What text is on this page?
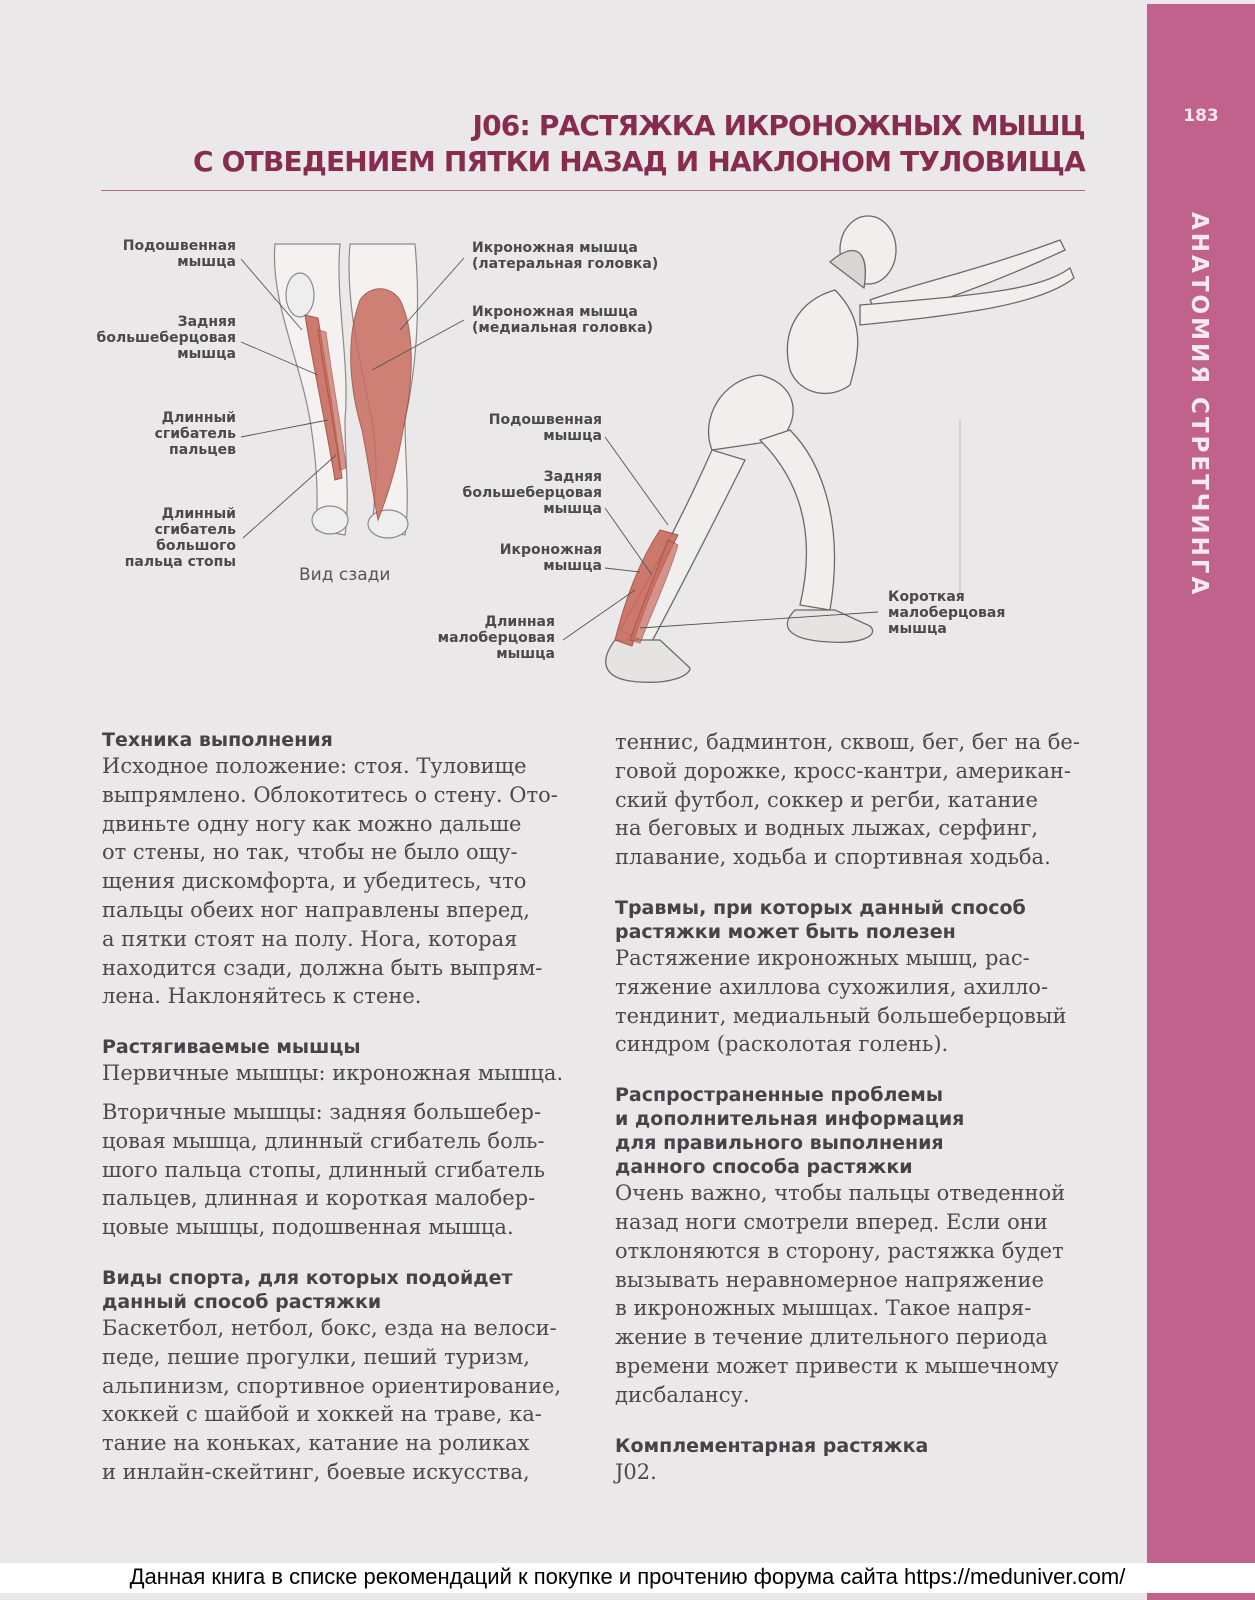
183
АНАТОМИЯ СТРЕТЧИНГА
J06: РАСТЯЖКА ИКРОНОЖНЫХ МЫШЦ
С ОТВЕДЕНИЕМ ПЯТКИ НАЗАД И НАКЛОНОМ ТУЛОВИЩА
Подошвенная
мышца
Задняя
большеберцовая
мышца
Длинный
сгибатель
пальцев
Длинный
сгибатель
большого
пальца стопы
Икроножная мышца
(латеральная головка)
Икроножная мышца
(медиальная головка)
Подошвенная
мышца
Задняя
большеберцовая
мышца
Икроножная
мышца
Длинная
малоберцовая
мышца
Короткая
малоберцовая
мышца
Вид сзади

Техника выполнения

Исходное положение: стоя. Туловище
выпрямлено. Облокотитесь о стену. Ото-
двиньте одну ногу как можно дальше
от стены, но так, чтобы не было ощу-
щения дискомфорта, и убедитесь, что
пальцы обеих ног направлены вперед,
а пятки стоят на полу. Нога, которая
находится сзади, должна быть выпрям-
лена. Наклоняйтесь к стене.

Растягиваемые мышцы

Первичные мышцы: икроножная мышца.

Вторичные мышцы: задняя большебер-
цовая мышца, длинный сгибатель боль-
шого пальца стопы, длинный сгибатель
пальцев, длинная и короткая малобер-
цовые мышцы, подошвенная мышца.

Виды спорта, для которых подойдет
данный способ растяжки

Баскетбол, нетбол, бокс, езда на велоси-
педе, пешие прогулки, пеший туризм,
альпинизм, спортивное ориентирование,
хоккей с шайбой и хоккей на траве, ка-
тание на коньках, катание на роликах
и инлайн-скейтинг, боевые искусства,

теннис, бадминтон, сквош, бег, бег на бе-
говой дорожке, кросс-кантри, американ-
ский футбол, соккер и регби, катание
на беговых и водных лыжах, серфинг,
плавание, ходьба и спортивная ходьба.

Травмы, при которых данный способ
растяжки может быть полезен

Растяжение икроножных мышц, рас-
тяжение ахиллова сухожилия, ахилло-
тендинит, медиальный большеберцовый
синдром (расколотая голень).

Распространенные проблемы
и дополнительная информация
для правильного выполнения
данного способа растяжки

Очень важно, чтобы пальцы отведенной
назад ноги смотрели вперед. Если они
отклоняются в сторону, растяжка будет
вызывать неравномерное напряжение
в икроножных мышцах. Такое напря-
жение в течение длительного периода
времени может привести к мышечному
дисбалансу.

Комплементарная растяжка

J02.

Данная книга в списке рекомендаций к покупке и прочтению форума сайта https://meduniver.com/
